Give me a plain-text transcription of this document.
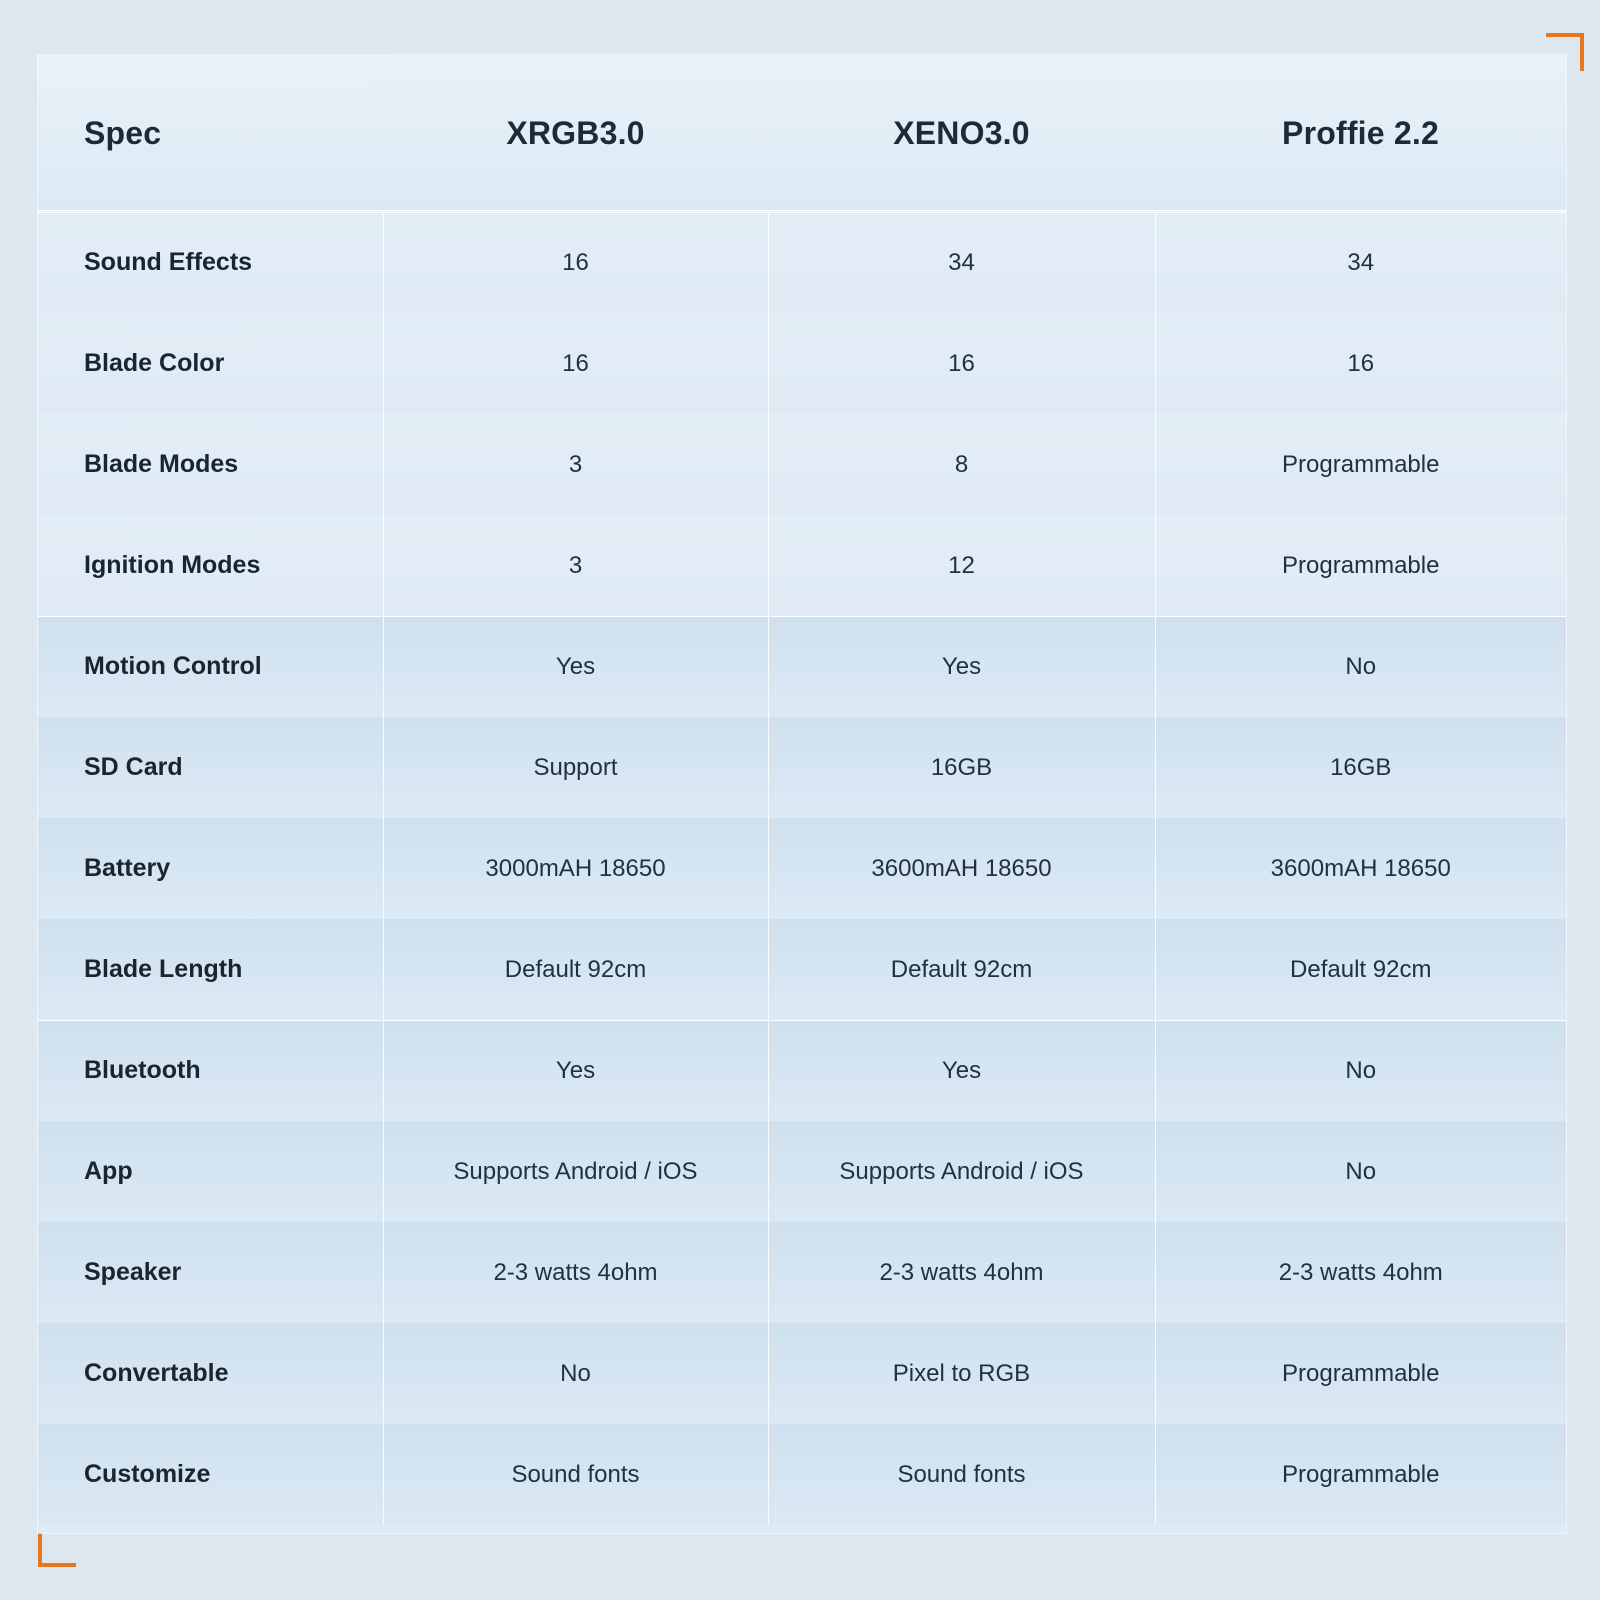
Spec	XRGB3.0	XENO3.0	Proffie 2.2
Sound Effects	16	34	34
Blade Color	16	16	16
Blade Modes	3	8	Programmable
Ignition Modes	3	12	Programmable
Motion Control	Yes	Yes	No
SD Card	Support	16GB	16GB
Battery	3000mAH 18650	3600mAH 18650	3600mAH 18650
Blade Length	Default 92cm	Default 92cm	Default 92cm
Bluetooth	Yes	Yes	No
App	Supports Android / iOS	Supports Android / iOS	No
Speaker	2-3 watts 4ohm	2-3 watts 4ohm	2-3 watts 4ohm
Convertable	No	Pixel to RGB	Programmable
Customize	Sound fonts	Sound fonts	Programmable
